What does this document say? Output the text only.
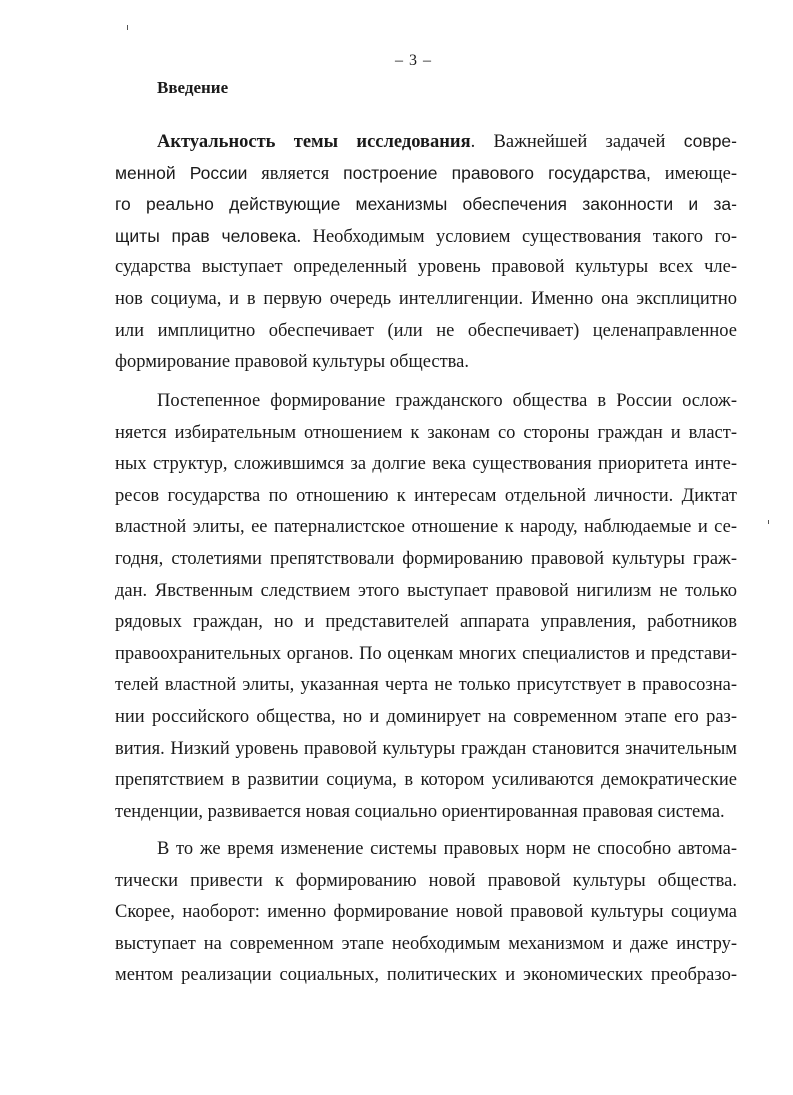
– 3 –
Введение
Актуальность темы исследования. Важнейшей задачей совре-
менной России является построение правового государства, имеюще-
го реально действующие механизмы обеспечения законности и за-
щиты прав человека. Необходимым условием существования такого го-
сударства выступает определенный уровень правовой культуры всех чле-
нов социума, и в первую очередь интеллигенции. Именно она эксплицитно
или имплицитно обеспечивает (или не обеспечивает) целенаправленное
формирование правовой культуры общества.
Постепенное формирование гражданского общества в России ослож-
няется избирательным отношением к законам со стороны граждан и власт-
ных структур, сложившимся за долгие века существования приоритета инте-
ресов государства по отношению к интересам отдельной личности. Диктат
властной элиты, ее патерналистское отношение к народу, наблюдаемые и се-
годня, столетиями препятствовали формированию правовой культуры граж-
дан. Явственным следствием этого выступает правовой нигилизм не только
рядовых граждан, но и представителей аппарата управления, работников
правоохранительных органов. По оценкам многих специалистов и представи-
телей властной элиты, указанная черта не только присутствует в правосозна-
нии российского общества, но и доминирует на современном этапе его раз-
вития. Низкий уровень правовой культуры граждан становится значительным
препятствием в развитии социума, в котором усиливаются демократические
тенденции, развивается новая социально ориентированная правовая система.
В то же время изменение системы правовых норм не способно автома-
тически привести к формированию новой правовой культуры общества.
Скорее, наоборот: именно формирование новой правовой культуры социума
выступает на современном этапе необходимым механизмом и даже инстру-
ментом реализации социальных, политических и экономических преобразо-
